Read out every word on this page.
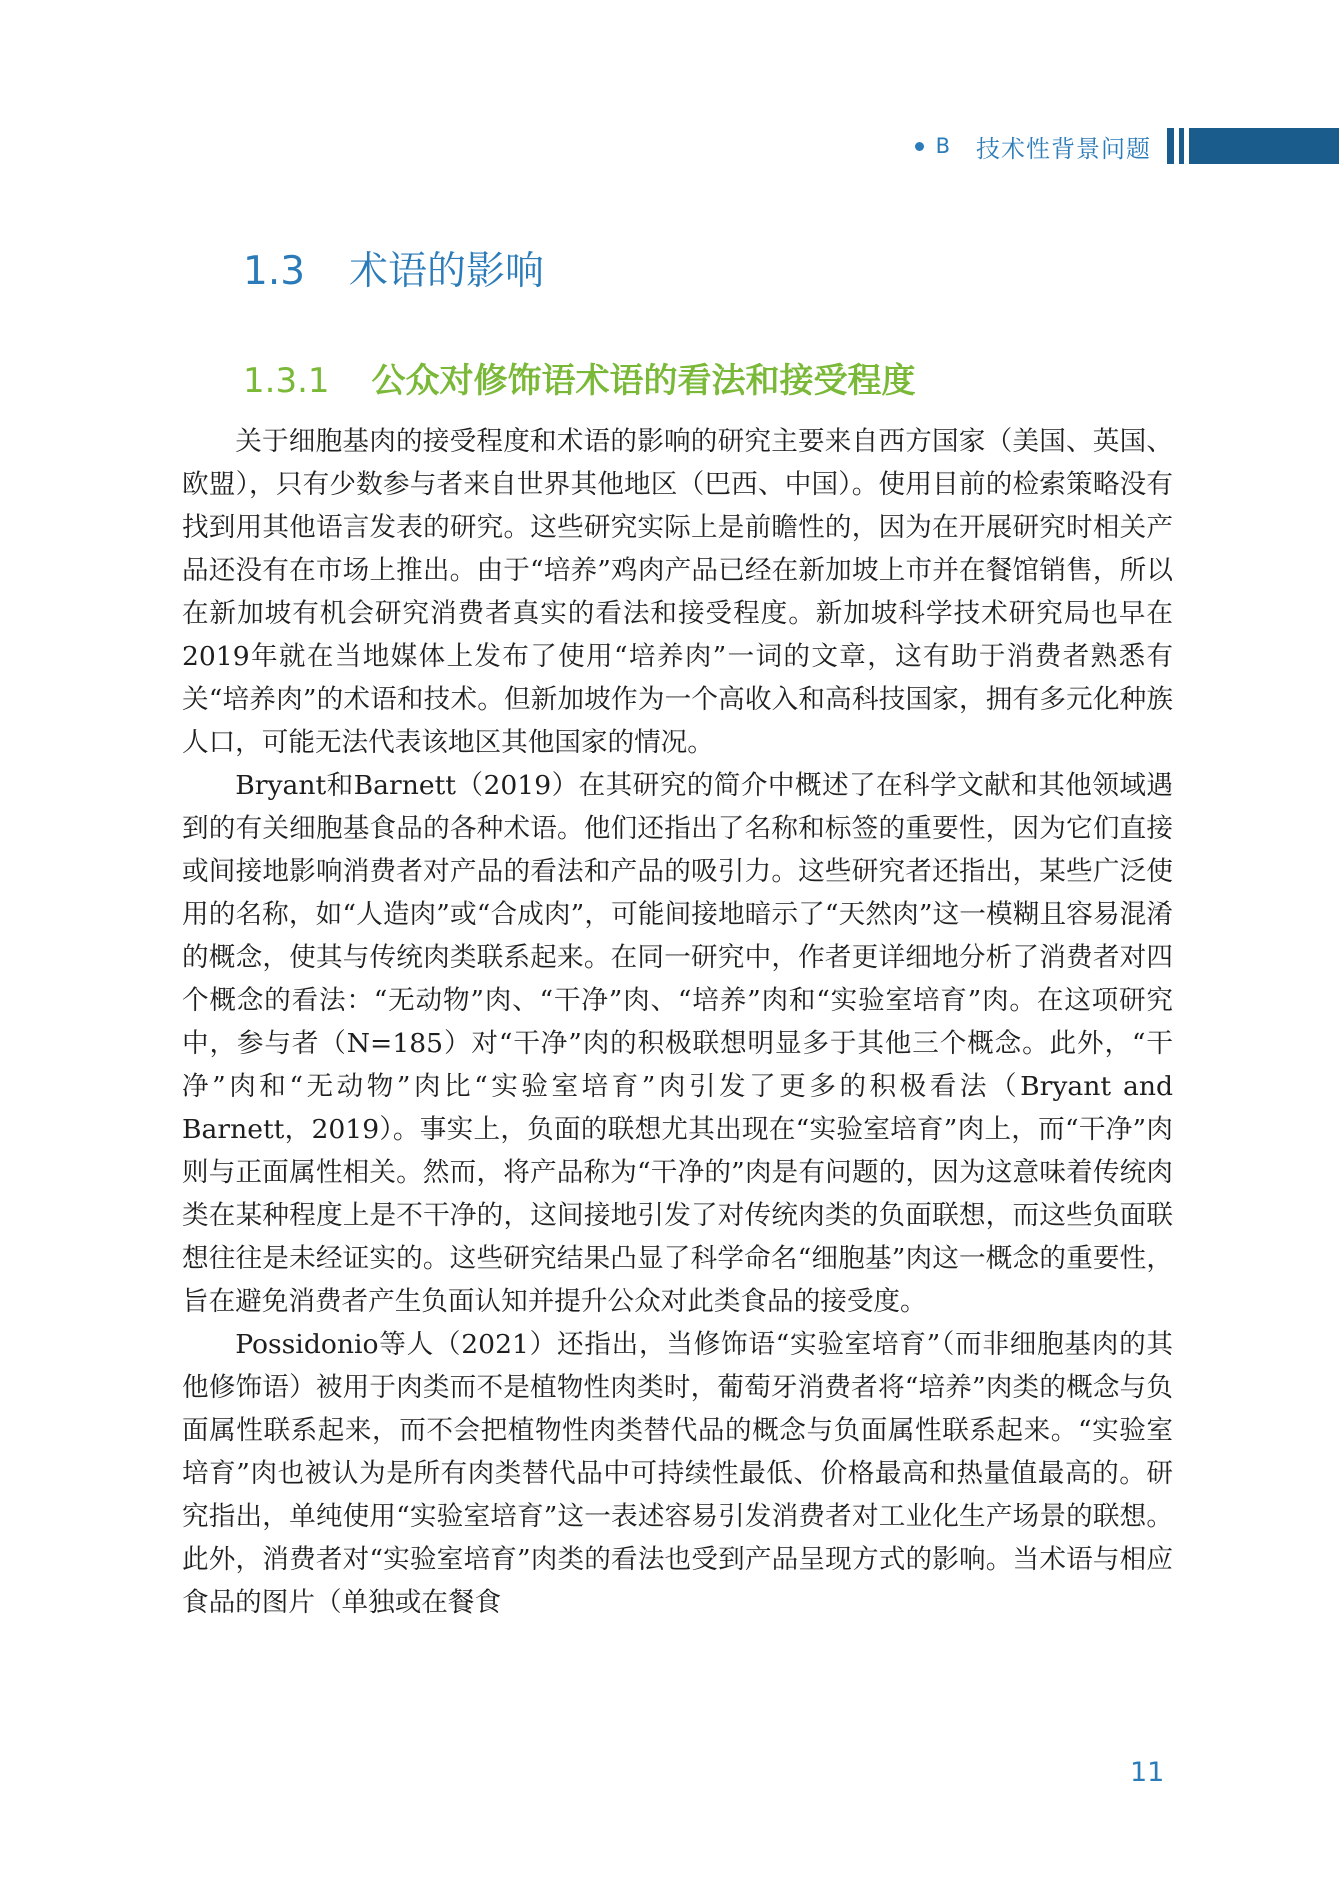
B 技术性背景问题
1.3 术语的影响
1.3.1 公众对修饰语术语的看法和接受程度

关于细胞基肉的接受程度和术语的影响的研究主要来自西方国家（美国、英国、欧盟），只有少数参与者来自世界其他地区（巴西、中国）。使用目前的检索策略没有找到用其他语言发表的研究。这些研究实际上是前瞻性的，因为在开展研究时相关产品还没有在市场上推出。由于“培养”鸡肉产品已经在新加坡上市并在餐馆销售，所以在新加坡有机会研究消费者真实的看法和接受程度。新加坡科学技术研究局也早在2019年就在当地媒体上发布了使用“培养肉”一词的文章，这有助于消费者熟悉有关“培养肉”的术语和技术。但新加坡作为一个高收入和高科技国家，拥有多元化种族人口，可能无法代表该地区其他国家的情况。

Bryant和Barnett（2019）在其研究的简介中概述了在科学文献和其他领域遇到的有关细胞基食品的各种术语。他们还指出了名称和标签的重要性，因为它们直接或间接地影响消费者对产品的看法和产品的吸引力。这些研究者还指出，某些广泛使用的名称，如“人造肉”或“合成肉”，可能间接地暗示了“天然肉”这一模糊且容易混淆的概念，使其与传统肉类联系起来。在同一研究中，作者更详细地分析了消费者对四个概念的看法：“无动物”肉、“干净”肉、“培养”肉和“实验室培育”肉。在这项研究中，参与者（N=185）对“干净”肉的积极联想明显多于其他三个概念。此外，“干净”肉和“无动物”肉比“实验室培育”肉引发了更多的积极看法（Bryant and Barnett，2019）。事实上，负面的联想尤其出现在“实验室培育”肉上，而“干净”肉则与正面属性相关。然而，将产品称为“干净的”肉是有问题的，因为这意味着传统肉类在某种程度上是不干净的，这间接地引发了对传统肉类的负面联想，而这些负面联想往往是未经证实的。这些研究结果凸显了科学命名“细胞基”肉这一概念的重要性，旨在避免消费者产生负面认知并提升公众对此类食品的接受度。

Possidonio等人（2021）还指出，当修饰语“实验室培育”（而非细胞基肉的其他修饰语）被用于肉类而不是植物性肉类时，葡萄牙消费者将“培养”肉类的概念与负面属性联系起来，而不会把植物性肉类替代品的概念与负面属性联系起来。“实验室培育”肉也被认为是所有肉类替代品中可持续性最低、价格最高和热量值最高的。研究指出，单纯使用“实验室培育”这一表述容易引发消费者对工业化生产场景的联想。此外，消费者对“实验室培育”肉类的看法也受到产品呈现方式的影响。当术语与相应食品的图片（单独或在餐食

11
